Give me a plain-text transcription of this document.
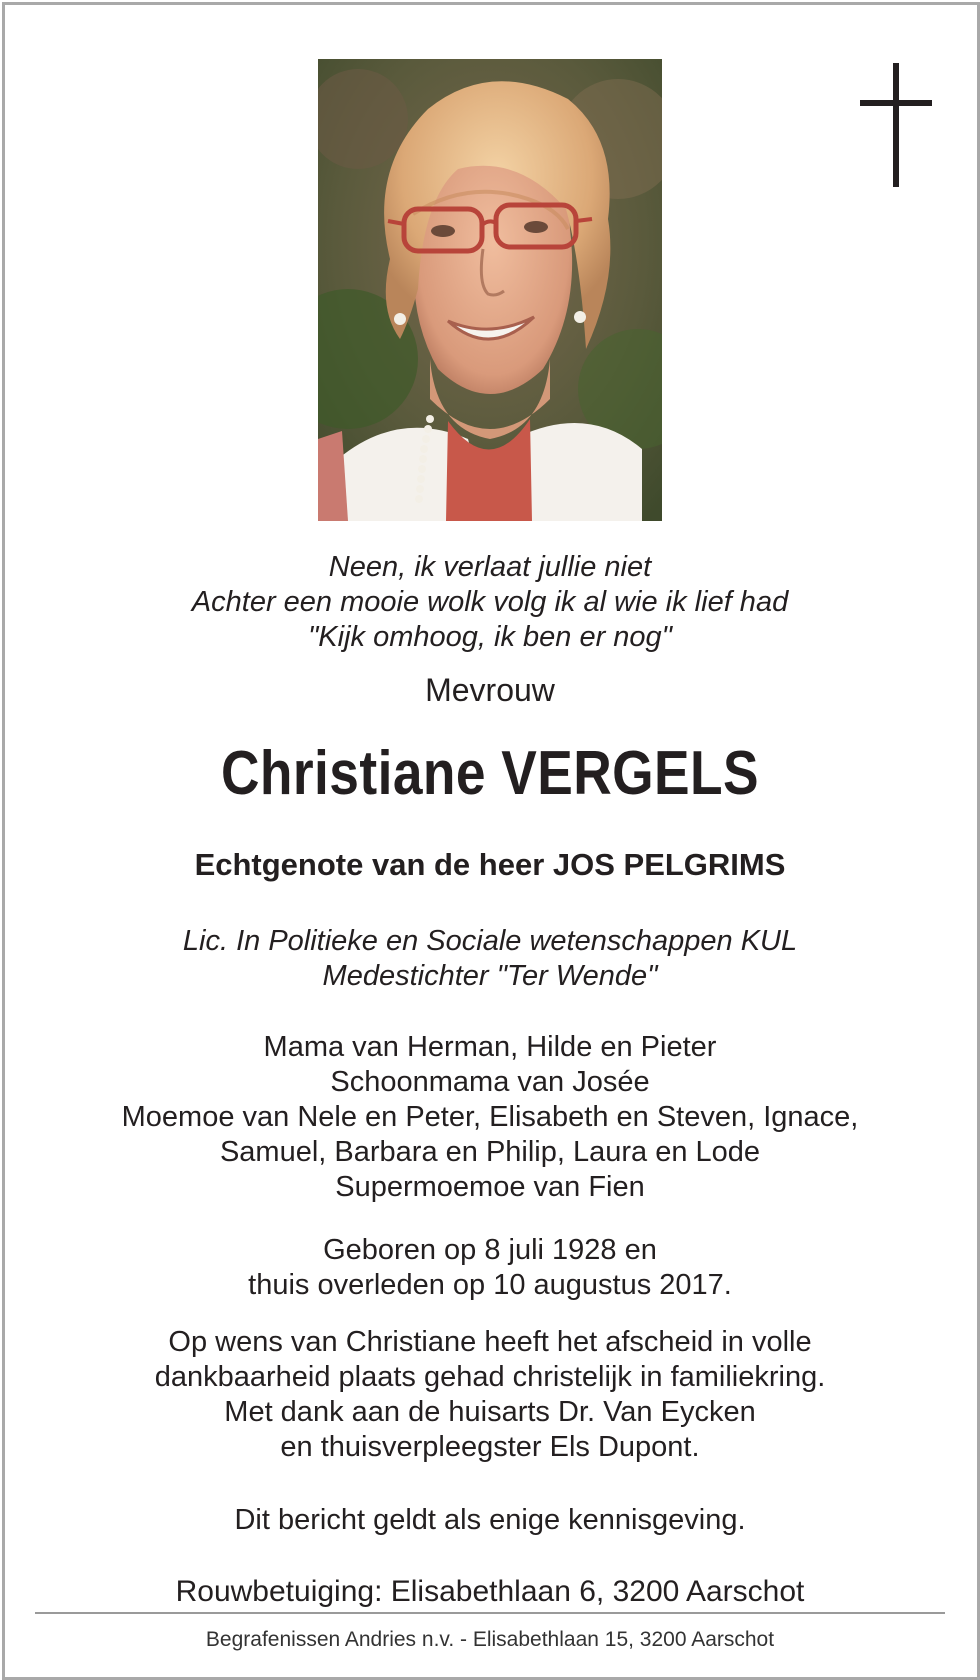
Neen, ik verlaat jullie niet
Achter een mooie wolk volg ik al wie ik lief had
"Kijk omhoog, ik ben er nog"
Mevrouw
Christiane VERGELS
Echtgenote van de heer JOS PELGRIMS
Lic. In Politieke en Sociale wetenschappen KUL
Medestichter "Ter Wende"
Mama van Herman, Hilde en Pieter
Schoonmama van Josée
Moemoe van Nele en Peter, Elisabeth en Steven, Ignace,
Samuel, Barbara en Philip, Laura en Lode
Supermoemoe van Fien
Geboren op 8 juli 1928 en
thuis overleden op 10 augustus 2017.
Op wens van Christiane heeft het afscheid in volle
dankbaarheid plaats gehad christelijk in familiekring.
Met dank aan de huisarts Dr. Van Eycken
en thuisverpleegster Els Dupont.
Dit bericht geldt als enige kennisgeving.
Rouwbetuiging: Elisabethlaan 6, 3200 Aarschot
Begrafenissen Andries n.v. - Elisabethlaan 15, 3200 Aarschot
